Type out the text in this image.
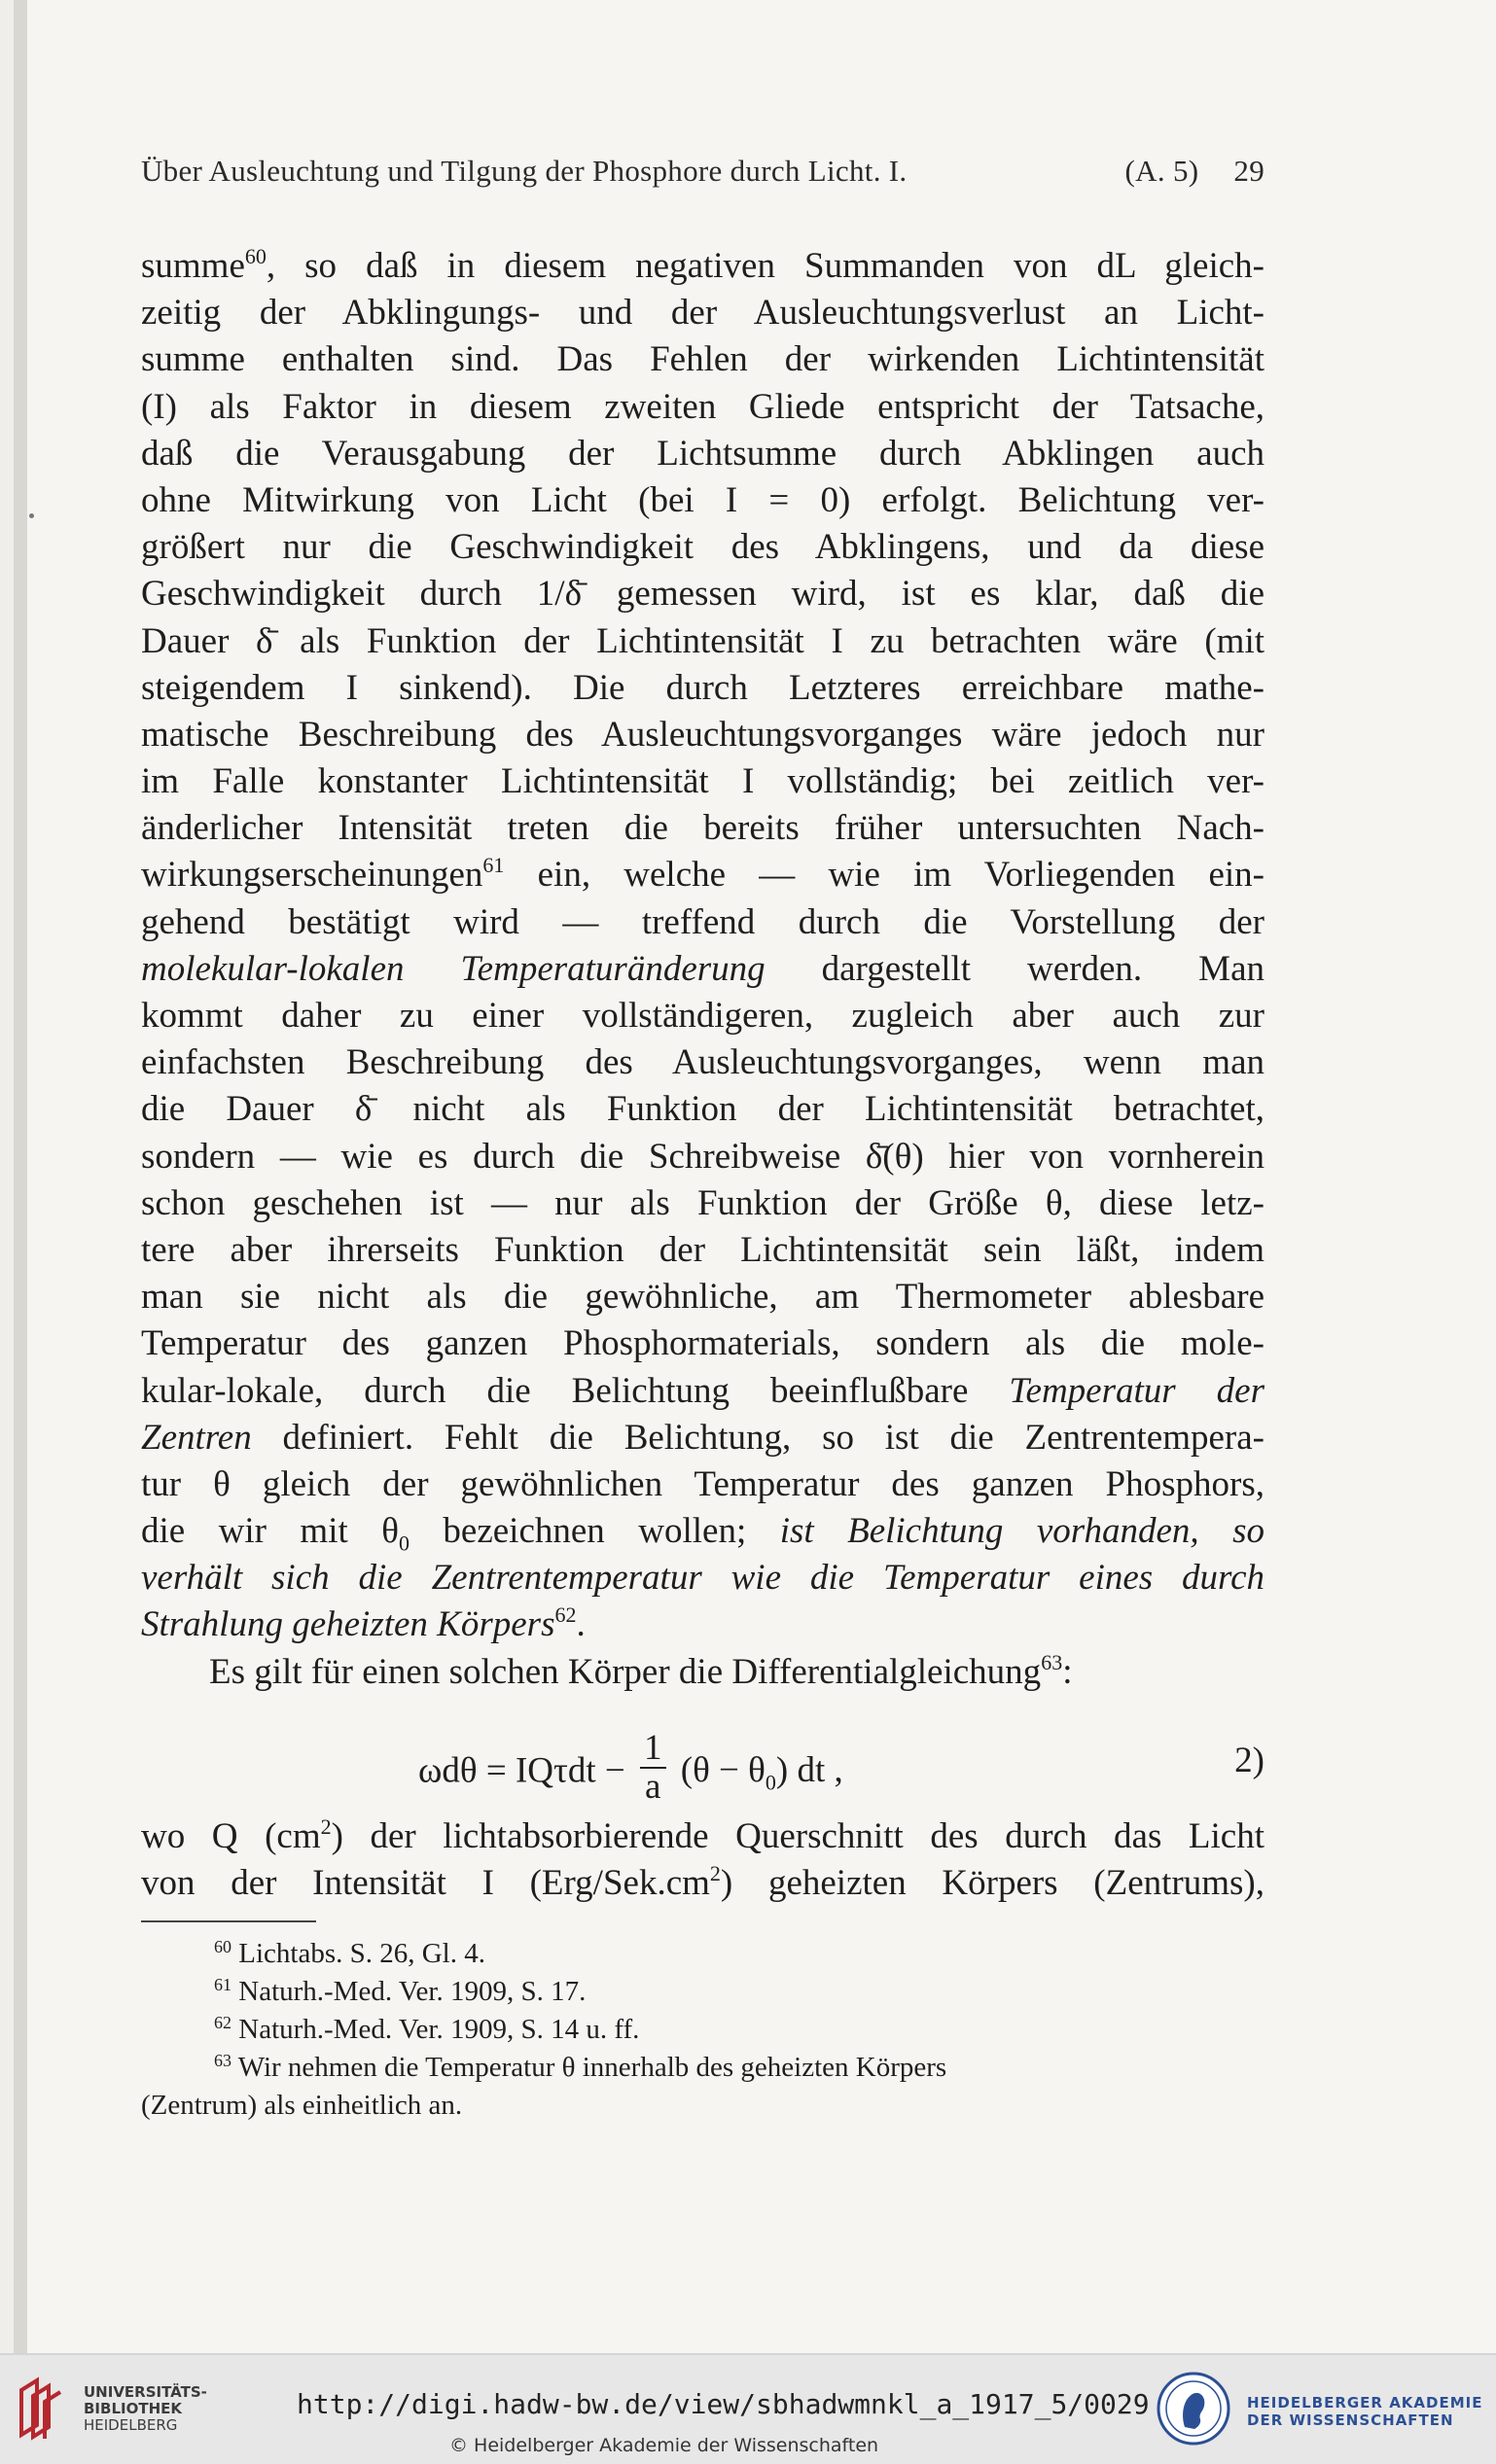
Über Ausleuchtung und Tilgung der Phosphore durch Licht. I.	(A. 5) 29
summe$^{60}$, so daß in diesem negativen Summanden von dL gleich-
zeitig der Abklingungs- und der Ausleuchtungsverlust an Licht-
summe enthalten sind. Das Fehlen der wirkenden Lichtintensität
(I) als Faktor in diesem zweiten Gliede entspricht der Tatsache,
daß die Verausgabung der Lichtsumme durch Abklingen auch
ohne Mitwirkung von Licht (bei I = 0) erfolgt. Belichtung ver-
größert nur die Geschwindigkeit des Abklingens, und da diese
Geschwindigkeit durch 1/δ̄ gemessen wird, ist es klar, daß die
Dauer δ̄ als Funktion der Lichtintensität I zu betrachten wäre (mit
steigendem I sinkend). Die durch Letzteres erreichbare mathe-
matische Beschreibung des Ausleuchtungsvorganges wäre jedoch nur
im Falle konstanter Lichtintensität I vollständig; bei zeitlich ver-
änderlicher Intensität treten die bereits früher untersuchten Nach-
wirkungserscheinungen$^{61}$ ein, welche — wie im Vorliegenden ein-
gehend bestätigt wird — treffend durch die Vorstellung der
molekular-lokalen Temperaturänderung dargestellt werden. Man
kommt daher zu einer vollständigeren, zugleich aber auch zur
einfachsten Beschreibung des Ausleuchtungsvorganges, wenn man
die Dauer δ̄ nicht als Funktion der Lichtintensität betrachtet,
sondern — wie es durch die Schreibweise δ̄(θ) hier von vornherein
schon geschehen ist — nur als Funktion der Größe θ, diese letz-
tere aber ihrerseits Funktion der Lichtintensität sein läßt, indem
man sie nicht als die gewöhnliche, am Thermometer ablesbare
Temperatur des ganzen Phosphormaterials, sondern als die mole-
kular-lokale, durch die Belichtung beeinflußbare Temperatur der
Zentren definiert. Fehlt die Belichtung, so ist die Zentrentempera-
tur θ gleich der gewöhnlichen Temperatur des ganzen Phosphors,
die wir mit $\theta_0$ bezeichnen wollen; ist Belichtung vorhanden, so
verhält sich die Zentrentemperatur wie die Temperatur eines durch
Strahlung geheizten Körpers$^{62}$.
Es gilt für einen solchen Körper die Differentialgleichung$^{63}$:
$\omega d\theta = IQ\tau dt - \frac{1}{a} (\theta - \theta_0)$ dt ,	2)
wo Q $(cm^2)$ der lichtabsorbierende Querschnitt des durch das Licht
von der Intensität I $(Erg/Sek.cm^2)$ geheizten Körpers (Zentrums),
$^{60}$ Lichtabs. S. 26, Gl. 4.
$^{61}$ Naturh.-Med. Ver. 1909, S. 17.
$^{62}$ Naturh.-Med. Ver. 1909, S. 14 u. ff.
$^{63}$ Wir nehmen die Temperatur θ innerhalb des geheizten Körpers
(Zentrum) als einheitlich an.
UNIVERSITÄTS-
BIBLIOTHEK
HEIDELBERG
http://digi.hadw-bw.de/view/sbhadwmnkl_a_1917_5/0029
© Heidelberger Akademie der Wissenschaften
HEIDELBERGER AKADEMIE
DER WISSENSCHAFTEN
